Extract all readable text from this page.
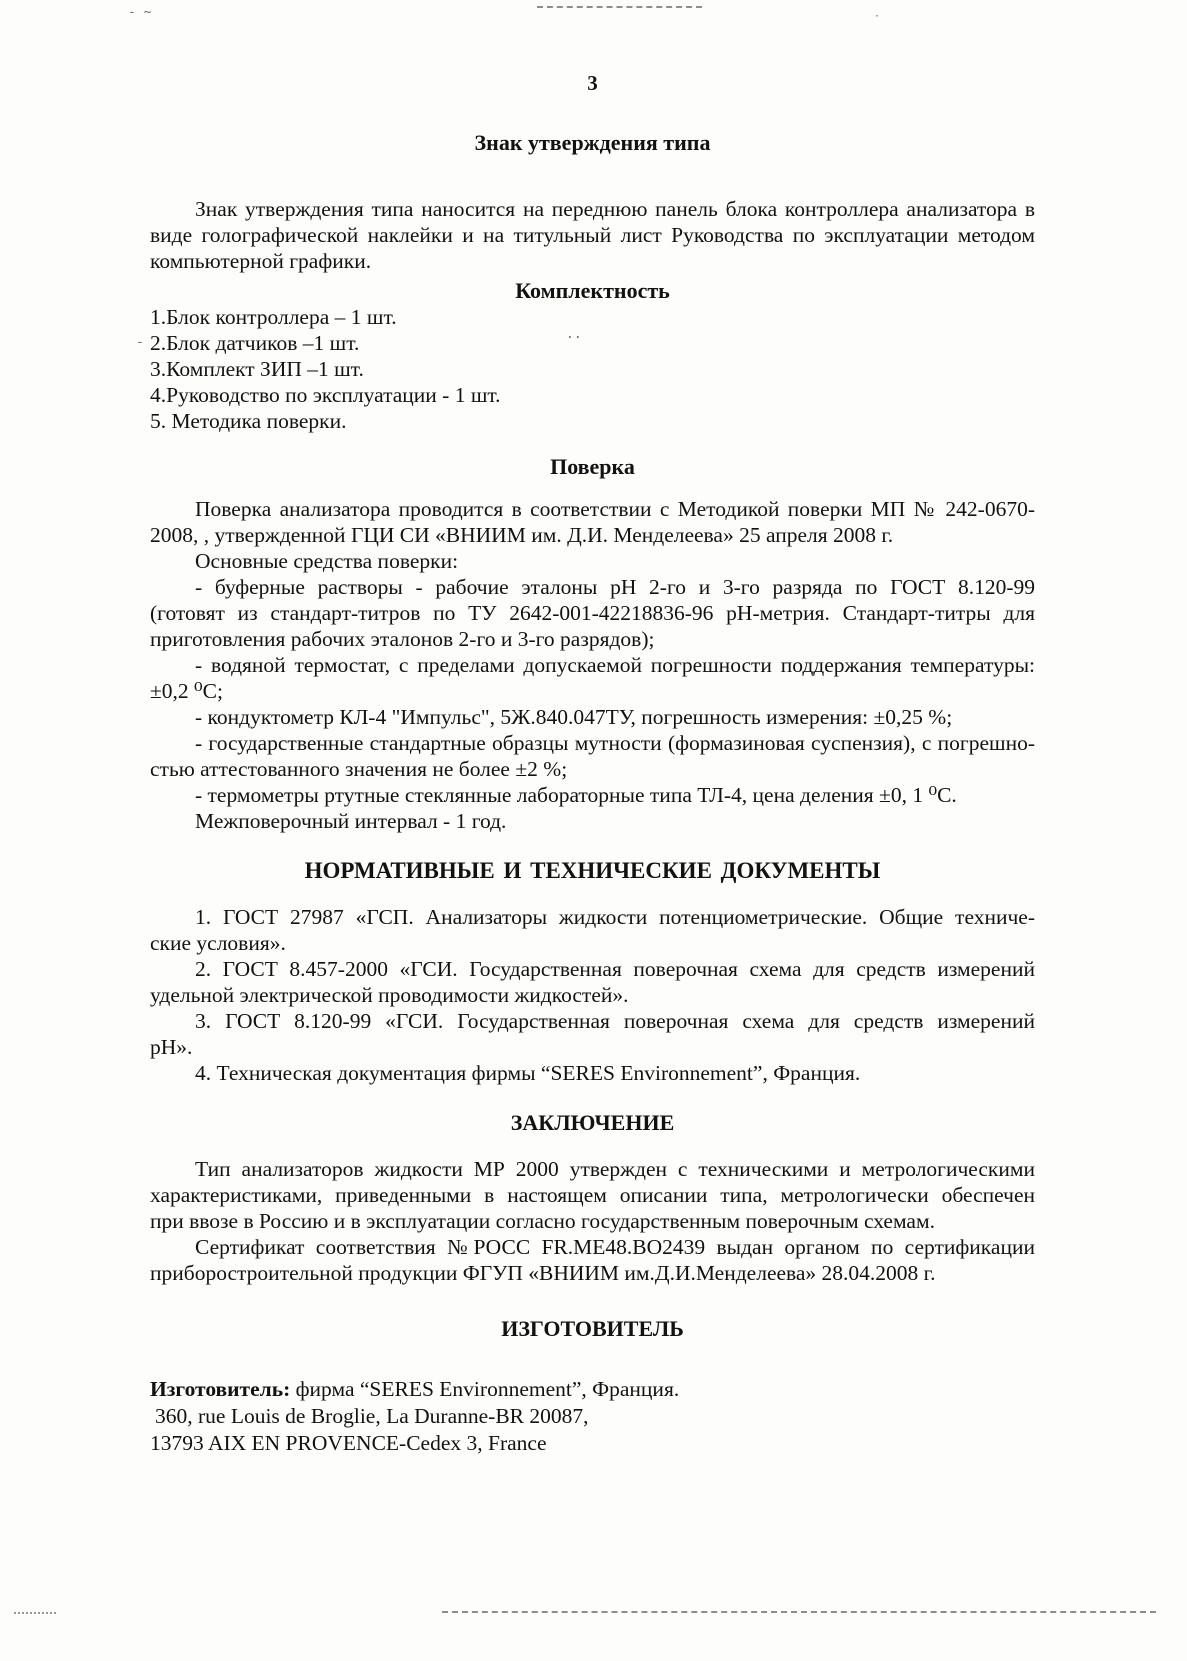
- ~	·
-
..
3
Знак утверждения типа
Знак утверждения типа наносится на переднюю панель блока контроллера анализатора в
виде голографической наклейки и на титульный лист Руководства по эксплуатации методом
компьютерной графики.
Комплектность
1.Блок контроллера – 1 шт.
2.Блок датчиков –1 шт.
3.Комплект ЗИП –1 шт.
4.Руководство по эксплуатации - 1 шт.
5. Методика поверки.
Поверка
Поверка анализатора проводится в соответствии с Методикой поверки МП № 242-0670-
2008, , утвержденной ГЦИ СИ «ВНИИМ им. Д.И. Менделеева» 25 апреля 2008 г.
Основные средства поверки:
- буферные растворы - рабочие эталоны рН 2-го и 3-го разряда по ГОСТ 8.120-99
(готовят из стандарт-титров по ТУ 2642-001-42218836-96 рН-метрия. Стандарт-титры для
приготовления рабочих эталонов 2-го и 3-го разрядов);
- водяной термостат, с пределами допускаемой погрешности поддержания температуры:
±0,2 ⁰С;
- кондуктометр КЛ-4 "Импульс", 5Ж.840.047ТУ, погрешность измерения: ±0,25 %;
- государственные стандартные образцы мутности (формазиновая суспензия), с погрешно-
стью аттестованного значения не более ±2 %;
- термометры ртутные стеклянные лабораторные типа ТЛ-4, цена деления ±0, 1 ⁰С.
Межповерочный интервал - 1 год.
НОРМАТИВНЫЕ И ТЕХНИЧЕСКИЕ ДОКУМЕНТЫ
1. ГОСТ 27987 «ГСП. Анализаторы жидкости потенциометрические. Общие техниче-
ские условия».
2. ГОСТ 8.457-2000 «ГСИ. Государственная поверочная схема для средств измерений
удельной электрической проводимости жидкостей».
3. ГОСТ 8.120-99 «ГСИ. Государственная поверочная схема для средств измерений
рН».
4. Техническая документация фирмы “SERES Environnement”, Франция.
ЗАКЛЮЧЕНИЕ
Тип анализаторов жидкости МР 2000 утвержден с техническими и метрологическими
характеристиками, приведенными в настоящем описании типа, метрологически обеспечен
при ввозе в Россию и в эксплуатации согласно государственным поверочным схемам.
Сертификат соответствия №РОСС FR.ME48.BO2439 выдан органом по сертификации
приборостроительной продукции ФГУП «ВНИИМ им.Д.И.Менделеева» 28.04.2008 г.
ИЗГОТОВИТЕЛЬ
Изготовитель: фирма “SERES Environnement”, Франция.
360, rue Louis de Broglie, La Duranne-BR 20087,
13793 AIX EN PROVENCE-Cedex 3, France
